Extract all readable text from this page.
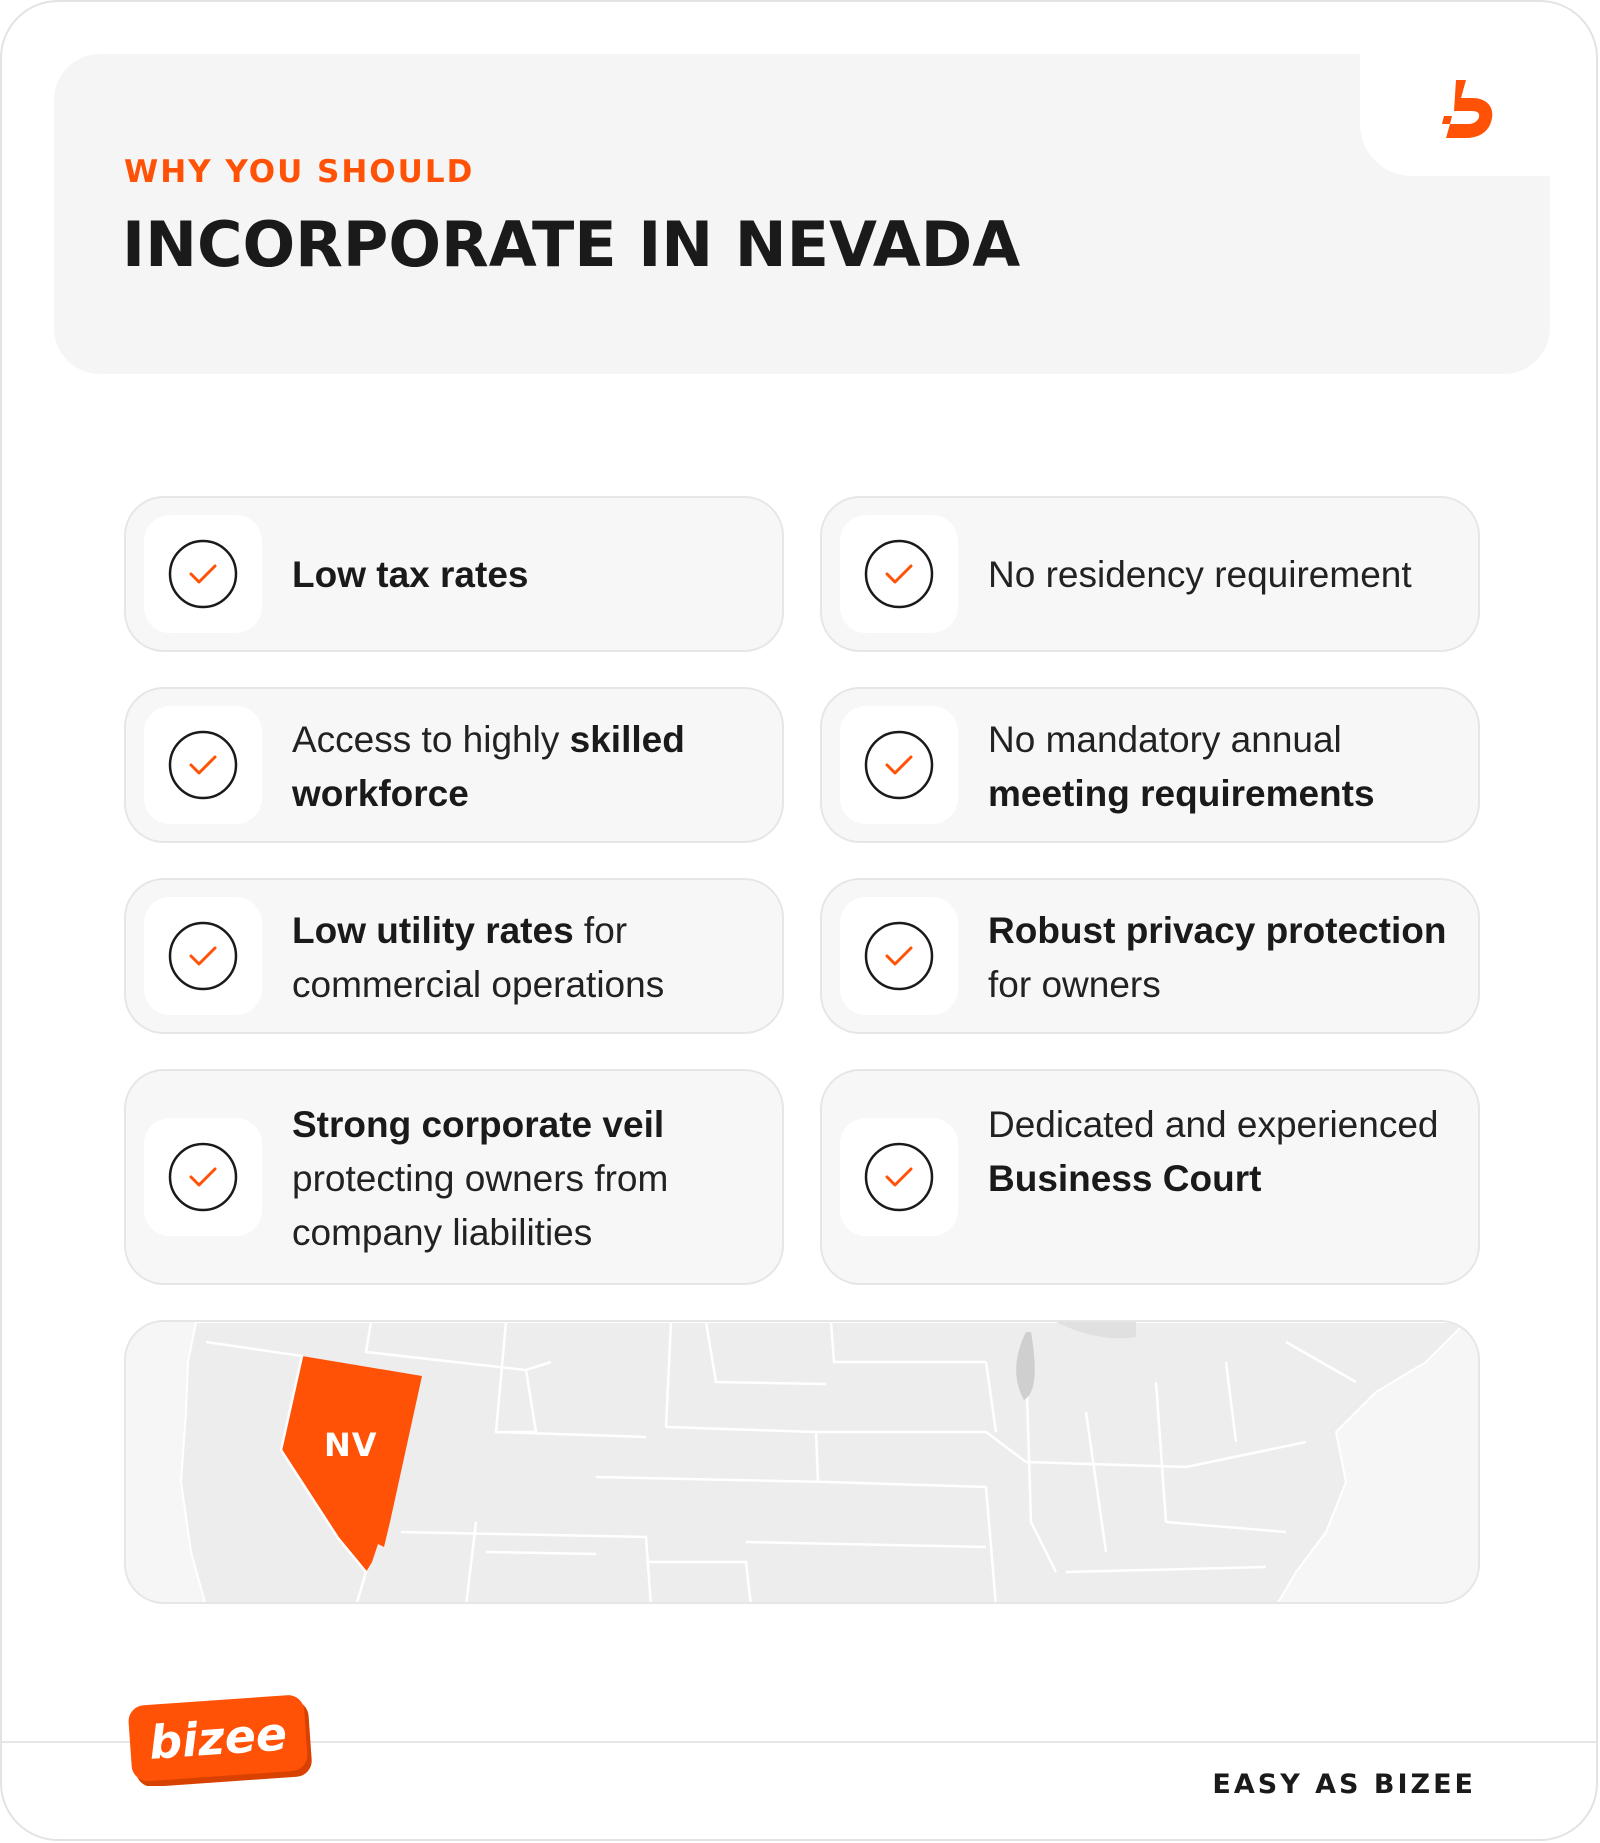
WHY YOU SHOULD
INCORPORATE IN NEVADA
Low tax rates	No residency requirement
Access to highly skilled workforce
No mandatory annual meeting requirements
Low utility rates for commercial operations
Robust privacy protection for owners
Strong corporate veil protecting owners from company liabilities
Dedicated and experienced Business Court
NV
bizee
EASY AS BIZEE
